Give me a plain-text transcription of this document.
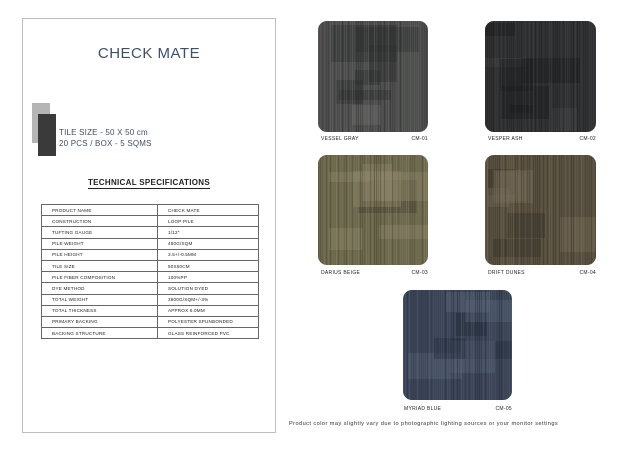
CHECK MATE
TILE SIZE - 50 X 50 cm
20 PCS / BOX - 5 SQMS
TECHNICAL SPECIFICATIONS
PRODUCT NAME	CHECK MATE
CONSTRUCTION	LOOP PILE
TUFTING GAUGE	1/12"
PILE WEIGHT	450G/SQM
PILE HEIGHT	3.5+/-0.5MM
TILE SIZE	50X50CM
PILE FIBER COMPOSITION	100%PP
DYE METHOD	SOLUTION DYED
TOTAL WEIGHT	3600G/SQM+/-3%
TOTAL THICKNESS	APPROX 6.0MM
PRIMARY BACKING	POLYESTER SPUNBONDED
BACKING STRUCTURE	GLASS REINFORCED PVC
VESSEL GRAY	CM-01	VESPER ASH	CM-02
DARIUS BEIGE	CM-03	DRIFT DUNES	CM-04
MYRIAD BLUE	CM-05
Product color may slightly vary due to photographic lighting sources or your monitor settings
